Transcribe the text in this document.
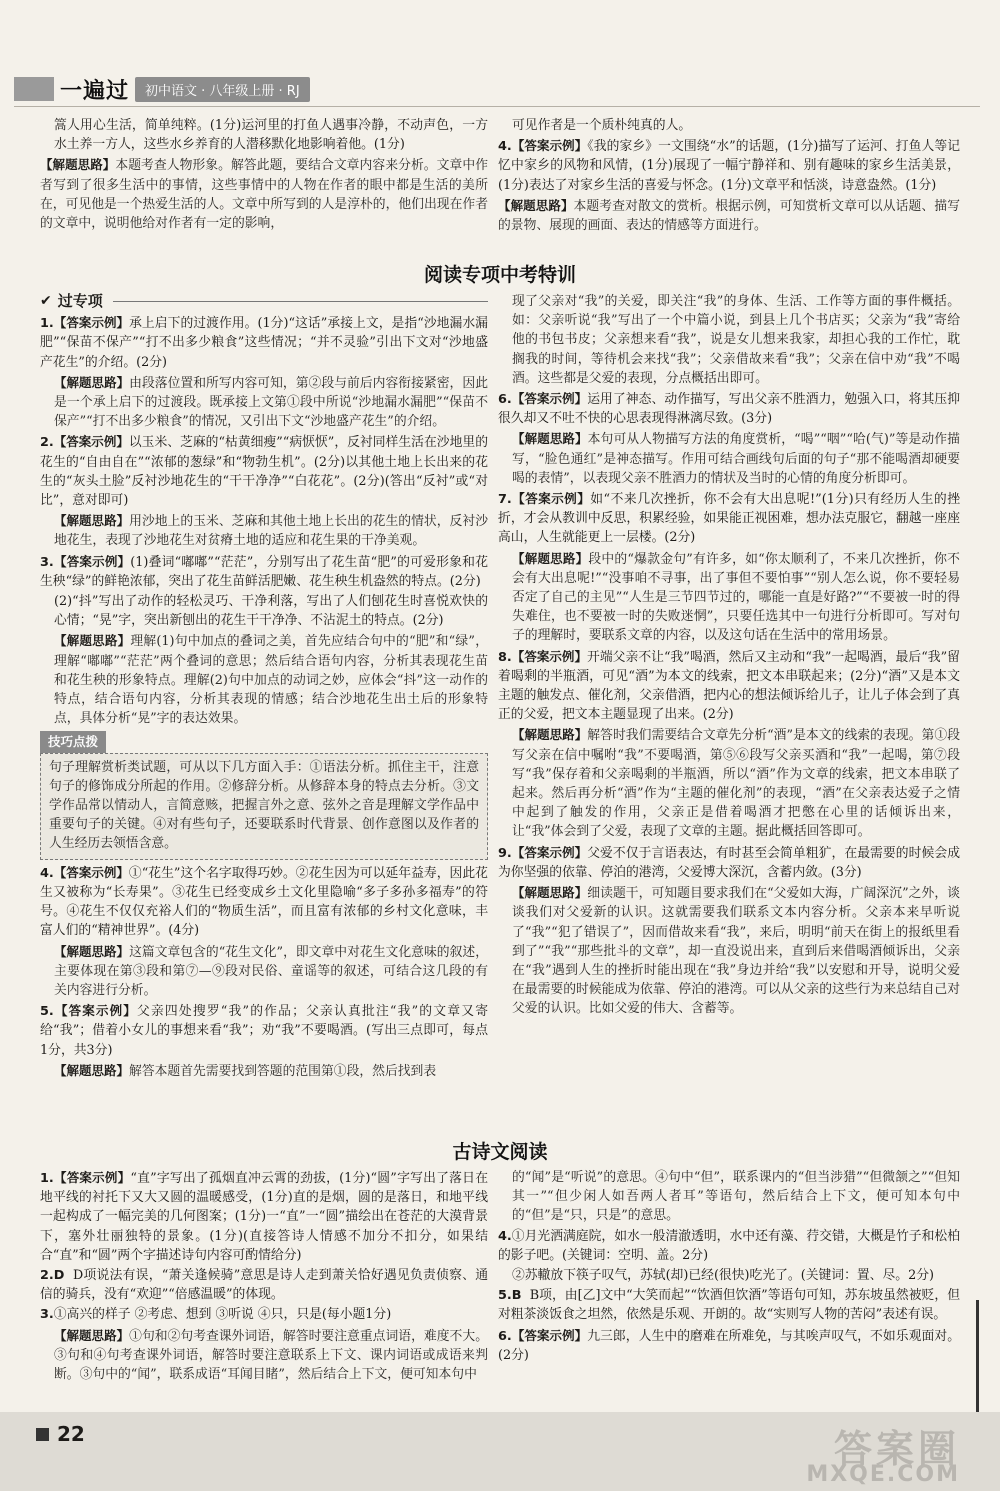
一遍过	初中语文 · 八年级上册 · RJ

篙人用心生活，简单纯粹。(1分)运河里的打鱼人遇事冷静，不动声色，一方水土养一方人，这些水乡养育的人潜移默化地影响着他。(1分)

【解题思路】本题考查人物形象。解答此题，要结合文章内容来分析。文章中作者写到了很多生活中的事情，这些事情中的人物在作者的眼中都是生活的美所在，可见他是一个热爱生活的人。文章中所写到的人是淳朴的，他们出现在作者的文章中，说明他给对作者有一定的影响，

可见作者是一个质朴纯真的人。

4.【答案示例】《我的家乡》一文围绕“水”的话题，(1分)描写了运河、打鱼人等记忆中家乡的风物和风情，(1分)展现了一幅宁静祥和、别有趣味的家乡生活美景，(1分)表达了对家乡生活的喜爱与怀念。(1分)文章平和恬淡，诗意盎然。(1分)

【解题思路】本题考查对散文的赏析。根据示例，可知赏析文章可以从话题、描写的景物、展现的画面、表达的情感等方面进行。

阅读专项中考特训
✔ 过专项

1.【答案示例】承上启下的过渡作用。(1分)“这话”承接上文，是指“沙地漏水漏肥”“保苗不保产”“打不出多少粮食”这些情况；“并不灵验”引出下文对“沙地盛产花生”的介绍。(2分)

【解题思路】由段落位置和所写内容可知，第②段与前后内容衔接紧密，因此是一个承上启下的过渡段。既承接上文第①段中所说“沙地漏水漏肥”“保苗不保产”“打不出多少粮食”的情况，又引出下文“沙地盛产花生”的介绍。

2.【答案示例】以玉米、芝麻的“枯黄细瘦”“病恹恹”，反衬同样生活在沙地里的花生的“自由自在”“浓郁的葱绿”和“物勃生机”。(2分)以其他土地上长出来的花生的“灰头土脸”反衬沙地花生的“干干净净”“白花花”。(2分)(答出“反衬”或“对比”，意对即可)

【解题思路】用沙地上的玉米、芝麻和其他土地上长出的花生的情状，反衬沙地花生，表现了沙地花生对贫瘠土地的适应和花生果的干净美观。

3.【答案示例】(1)叠词“嘟嘟”“茫茫”，分别写出了花生苗“肥”的可爱形象和花生秧“绿”的鲜艳浓郁，突出了花生苗鲜活肥嫩、花生秧生机盎然的特点。(2分)

(2)“抖”写出了动作的轻松灵巧、干净利落，写出了人们刨花生时喜悦欢快的心情；“晃”字，突出新刨出的花生干干净净、不沾泥土的特点。(2分)

【解题思路】理解(1)句中加点的叠词之美，首先应结合句中的“肥”和“绿”，理解“嘟嘟”“茫茫”两个叠词的意思；然后结合语句内容，分析其表现花生苗和花生秧的形象特点。理解(2)句中加点的动词之妙，应体会“抖”这一动作的特点，结合语句内容，分析其表现的情感；结合沙地花生出土后的形象特点，具体分析“晃”字的表达效果。

技巧点拨

句子理解赏析类试题，可从以下几方面入手：①语法分析。抓住主干，注意句子的修饰成分所起的作用。②修辞分析。从修辞本身的特点去分析。③文学作品常以情动人，言简意赅，把握言外之意、弦外之音是理解文学作品中重要句子的关键。④对有些句子，还要联系时代背景、创作意图以及作者的人生经历去领悟含意。

4.【答案示例】①“花生”这个名字取得巧妙。②花生因为可以延年益寿，因此花生又被称为“长寿果”。③花生已经变成乡土文化里隐喻“多子多孙多福寿”的符号。④花生不仅仅充裕人们的“物质生活”，而且富有浓郁的乡村文化意味，丰富人们的“精神世界”。(4分)

【解题思路】这篇文章包含的“花生文化”，即文章中对花生文化意味的叙述，主要体现在第③段和第⑦—⑨段对民俗、童谣等的叙述，可结合这几段的有关内容进行分析。

5.【答案示例】父亲四处搜罗“我”的作品；父亲认真批注“我”的文章又寄给“我”；借着小女儿的事想来看“我”；劝“我”不要喝酒。(写出三点即可，每点1分，共3分)

【解题思路】解答本题首先需要找到答题的范围第①段，然后找到表

现了父亲对“我”的关爱，即关注“我”的身体、生活、工作等方面的事件概括。如：父亲听说“我”写出了一个中篇小说，到县上几个书店买；父亲为“我”寄给他的书包书皮；父亲想来看“我”，说是女儿想来我家，却担心我的工作忙，耽搁我的时间，等待机会来找“我”；父亲借故来看“我”；父亲在信中劝“我”不喝酒。这些都是父爱的表现，分点概括出即可。

6.【答案示例】运用了神态、动作描写，写出父亲不胜酒力，勉强入口，将其压抑很久却又不吐不快的心思表现得淋漓尽致。(3分)

【解题思路】本句可从人物描写方法的角度赏析，“喝”“咽”“哈(气)”等是动作描写，“脸色通红”是神态描写。作用可结合画线句后面的句子“那不能喝酒却硬要喝的表情”，以表现父亲不胜酒力的情状及当时的心情的角度分析即可。

7.【答案示例】如“不来几次挫折，你不会有大出息呢!”(1分)只有经历人生的挫折，才会从教训中反思，积累经验，如果能正视困难，想办法克服它，翻越一座座高山，人生就能更上一层楼。(2分)

【解题思路】段中的“爆款金句”有许多，如“你太顺利了，不来几次挫折，你不会有大出息呢!”“没事咱不寻事，出了事但不要怕事”“别人怎么说，你不要轻易否定了自己的主见”“人生是三节四节过的，哪能一直是好路?”“不要被一时的得失难住，也不要被一时的失败迷惘”，只要任选其中一句进行分析即可。写对句子的理解时，要联系文章的内容，以及这句话在生活中的常用场景。

8.【答案示例】开端父亲不让“我”喝酒，然后又主动和“我”一起喝酒，最后“我”留着喝剩的半瓶酒，可见“酒”为本文的线索，把文本串联起来；(2分)“酒”又是本文主题的触发点、催化剂，父亲借酒，把内心的想法倾诉给儿子，让儿子体会到了真正的父爱，把文本主题显现了出来。(2分)

【解题思路】解答时我们需要结合文章先分析“酒”是本文的线索的表现。第①段写父亲在信中嘱咐“我”不要喝酒，第⑤⑥段写父亲买酒和“我”一起喝，第⑦段写“我”保存着和父亲喝剩的半瓶酒，所以“酒”作为文章的线索，把文本串联了起来。然后再分析“酒”作为“主题的催化剂”的表现，“酒”在父亲表达爱子之情中起到了触发的作用，父亲正是借着喝酒才把憋在心里的话倾诉出来，让“我”体会到了父爱，表现了文章的主题。据此概括回答即可。

9.【答案示例】父爱不仅于言语表达，有时甚至会简单粗犷，在最需要的时候会成为你坚强的依靠、停泊的港湾，父爱博大深沉，含蓄内敛。(3分)

【解题思路】细读题干，可知题目要求我们在“父爱如大海，广阔深沉”之外，谈谈我们对父爱新的认识。这就需要我们联系文本内容分析。父亲本来早听说了“我”“犯了错误了”，因而借故来看“我”，来后，明明“前天在街上的报纸里看到了”“我”“那些批斗的文章”，却一直没说出来，直到后来借喝酒倾诉出，父亲在“我”遇到人生的挫折时能出现在“我”身边并给“我”以安慰和开导，说明父爱在最需要的时候能成为依靠、停泊的港湾。可以从父亲的这些行为来总结自己对父爱的认识。比如父爱的伟大、含蓄等。

古诗文阅读

1.【答案示例】“直”字写出了孤烟直冲云霄的劲拔，(1分)“圆”字写出了落日在地平线的衬托下又大又圆的温暖感受，(1分)直的是烟，圆的是落日，和地平线一起构成了一幅完美的几何图案；(1分)一“直”一“圆”描绘出在苍茫的大漠背景下，塞外壮丽独特的景象。(1分)(直接答诗人情感不加分不扣分，如果结合“直”和“圆”两个字描述诗句内容可酌情给分)

2.D D项说法有误，“萧关逢候骑”意思是诗人走到萧关恰好遇见负责侦察、通信的骑兵，没有“欢迎”“倍感温暖”的体现。

3.①高兴的样子 ②考虑、想到 ③听说 ④只，只是(每小题1分)

【解题思路】①句和②句考查课外词语，解答时要注意重点词语，难度不大。③句和④句考查课外词语，解答时要注意联系上下文、课内词语或成语来判断。③句中的“闻”，联系成语“耳闻目睹”，然后结合上下文，便可知本句中

的“闻”是“听说”的意思。④句中“但”，联系课内的“但当涉猎”“但微颔之”“但知其一”“但少闲人如吾两人者耳”等语句，然后结合上下文，便可知本句中的“但”是“只，只是”的意思。

4.①月光洒满庭院，如水一般清澈透明，水中还有藻、荇交错，大概是竹子和松柏的影子吧。(关键词：空明、盖。2分)

②苏轍放下筷子叹气，苏轼(却)已经(很快)吃光了。(关键词：置、尽。2分)

5.B B项，由[乙]文中“大笑而起”“饮酒但饮酒”等语句可知，苏东坡虽然被贬，但对粗茶淡饭食之坦然，依然是乐观、开朗的。故“实则写人物的苦闷”表述有误。

6.【答案示例】九三郎，人生中的磨难在所难免，与其唉声叹气，不如乐观面对。(2分)

22	答案圈
MXQE.COM
